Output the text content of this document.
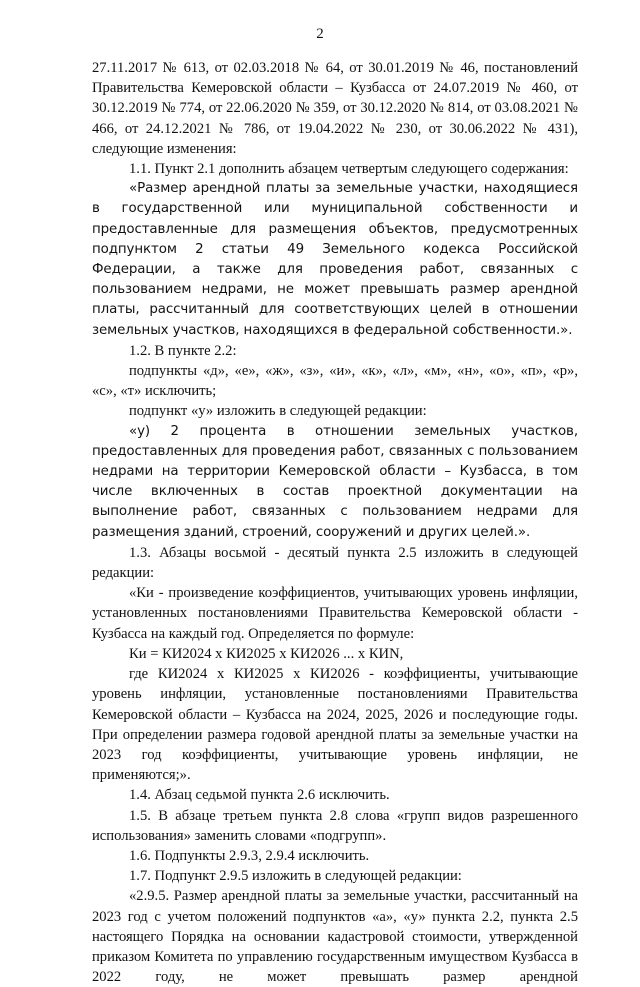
2

27.11.2017 № 613, от 02.03.2018 № 64, от 30.01.2019 № 46, постановлений Правительства Кемеровской области – Кузбасса от 24.07.2019 № 460, от 30.12.2019 № 774, от 22.06.2020 № 359, от 30.12.2020 № 814, от 03.08.2021 № 466, от 24.12.2021 № 786, от 19.04.2022 № 230, от 30.06.2022 № 431), следующие изменения:

1.1. Пункт 2.1 дополнить абзацем четвертым следующего содержания:

«Размер арендной платы за земельные участки, находящиеся в государственной или муниципальной собственности и предоставленные для размещения объектов, предусмотренных подпунктом 2 статьи 49 Земельного кодекса Российской Федерации, а также для проведения работ, связанных с пользованием недрами, не может превышать размер арендной платы, рассчитанный для соответствующих целей в отношении земельных участков, находящихся в федеральной собственности.».

1.2. В пункте 2.2:

подпункты «д», «е», «ж», «з», «и», «к», «л», «м», «н», «о», «п», «р», «с», «т» исключить;

подпункт «у» изложить в следующей редакции:

«у) 2 процента в отношении земельных участков, предоставленных для проведения работ, связанных с пользованием недрами на территории Кемеровской области – Кузбасса, в том числе включенных в состав проектной документации на выполнение работ, связанных с пользованием недрами для размещения зданий, строений, сооружений и других целей.».

1.3. Абзацы восьмой - десятый пункта 2.5 изложить в следующей редакции:

«Ки - произведение коэффициентов, учитывающих уровень инфляции, установленных постановлениями Правительства Кемеровской области - Кузбасса на каждый год. Определяется по формуле:

Ки = КИ2024 х КИ2025 х КИ2026 ... х КИN,

где КИ2024 х КИ2025 х КИ2026 - коэффициенты, учитывающие уровень инфляции, установленные постановлениями Правительства Кемеровской области – Кузбасса на 2024, 2025, 2026 и последующие годы. При определении размера годовой арендной платы за земельные участки на 2023 год коэффициенты, учитывающие уровень инфляции, не применяются;».

1.4. Абзац седьмой пункта 2.6 исключить.

1.5. В абзаце третьем пункта 2.8 слова «групп видов разрешенного использования» заменить словами «подгрупп».

1.6. Подпункты 2.9.3, 2.9.4 исключить.

1.7. Подпункт 2.9.5 изложить в следующей редакции:

«2.9.5. Размер арендной платы за земельные участки, рассчитанный на 2023 год с учетом положений подпунктов «а», «у» пункта 2.2, пункта 2.5 настоящего Порядка на основании кадастровой стоимости, утвержденной приказом Комитета по управлению государственным имуществом Кузбасса в 2022 году, не может превышать размер арендной
